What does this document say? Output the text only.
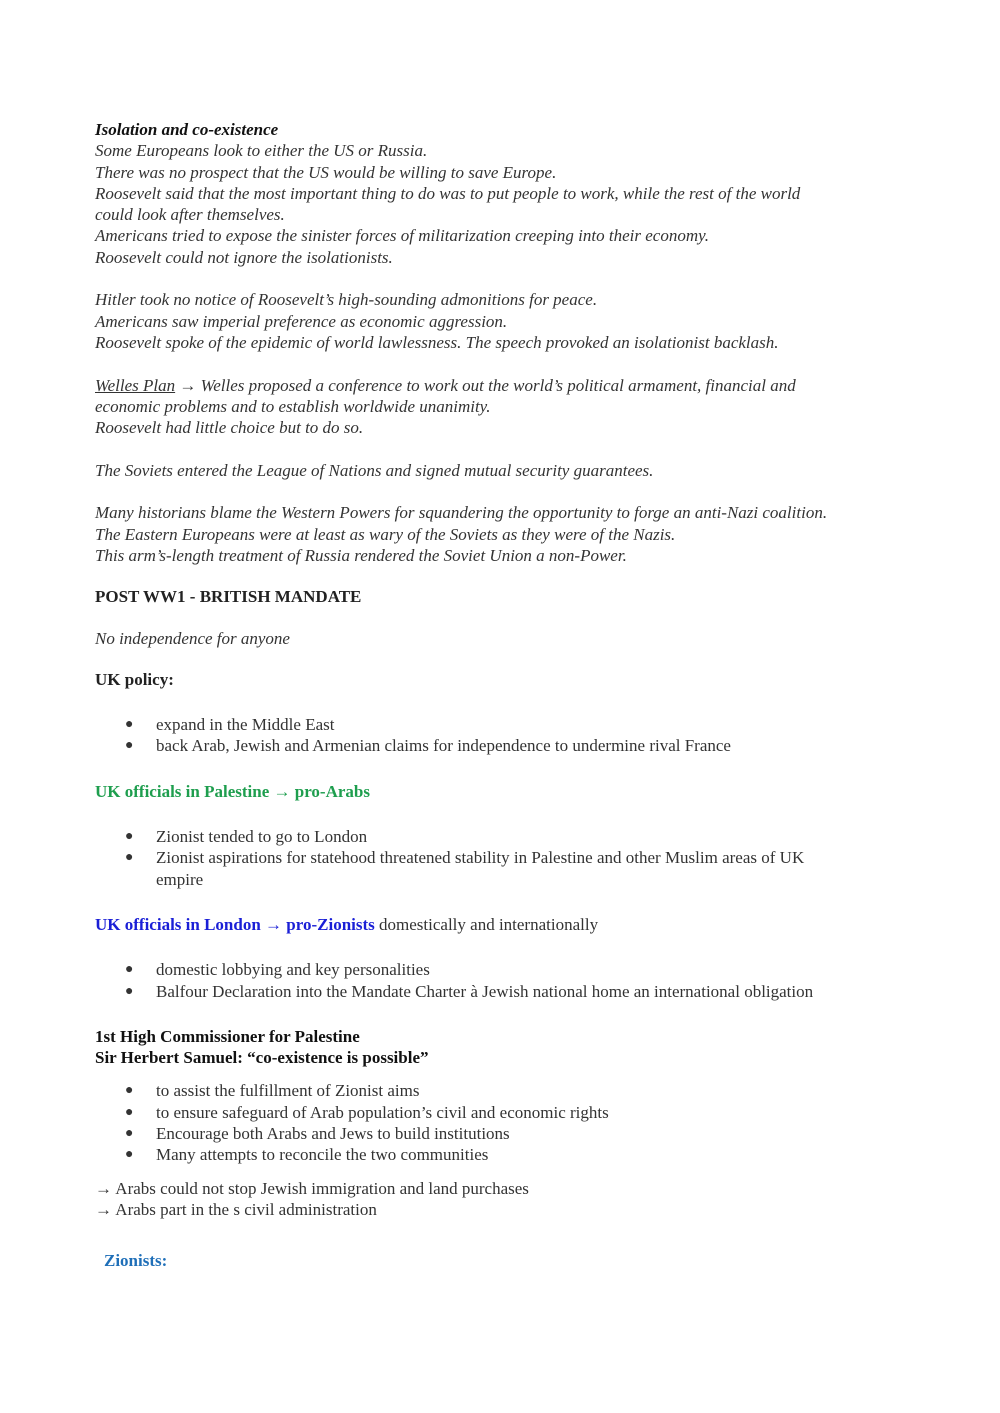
Isolation and co-existence
Some Europeans look to either the US or Russia.
There was no prospect that the US would be willing to save Europe.
Roosevelt said that the most important thing to do was to put people to work, while the rest of the world
could look after themselves.
Americans tried to expose the sinister forces of militarization creeping into their economy.
Roosevelt could not ignore the isolationists.
Hitler took no notice of Roosevelt’s high-sounding admonitions for peace.
Americans saw imperial preference as economic aggression.
Roosevelt spoke of the epidemic of world lawlessness. The speech provoked an isolationist backlash.
Welles Plan → Welles proposed a conference to work out the world’s political armament, financial and
economic problems and to establish worldwide unanimity.
Roosevelt had little choice but to do so.
The Soviets entered the League of Nations and signed mutual security guarantees.
Many historians blame the Western Powers for squandering the opportunity to forge an anti-Nazi coalition.
The Eastern Europeans were at least as wary of the Soviets as they were of the Nazis.
This arm’s-length treatment of Russia rendered the Soviet Union a non-Power.
POST WW1 - BRITISH MANDATE
No independence for anyone
UK policy:
● expand in the Middle East
● back Arab, Jewish and Armenian claims for independence to undermine rival France
UK officials in Palestine → pro-Arabs
● Zionist tended to go to London
● Zionist aspirations for statehood threatened stability in Palestine and other Muslim areas of UK
empire
UK officials in London → pro-Zionists domestically and internationally
● domestic lobbying and key personalities
● Balfour Declaration into the Mandate Charter à Jewish national home an international obligation
1st High Commissioner for Palestine
Sir Herbert Samuel: “co-existence is possible”
● to assist the fulfillment of Zionist aims
● to ensure safeguard of Arab population’s civil and economic rights
● Encourage both Arabs and Jews to build institutions
● Many attempts to reconcile the two communities
→ Arabs could not stop Jewish immigration and land purchases
→ Arabs part in the s civil administration
Zionists:
